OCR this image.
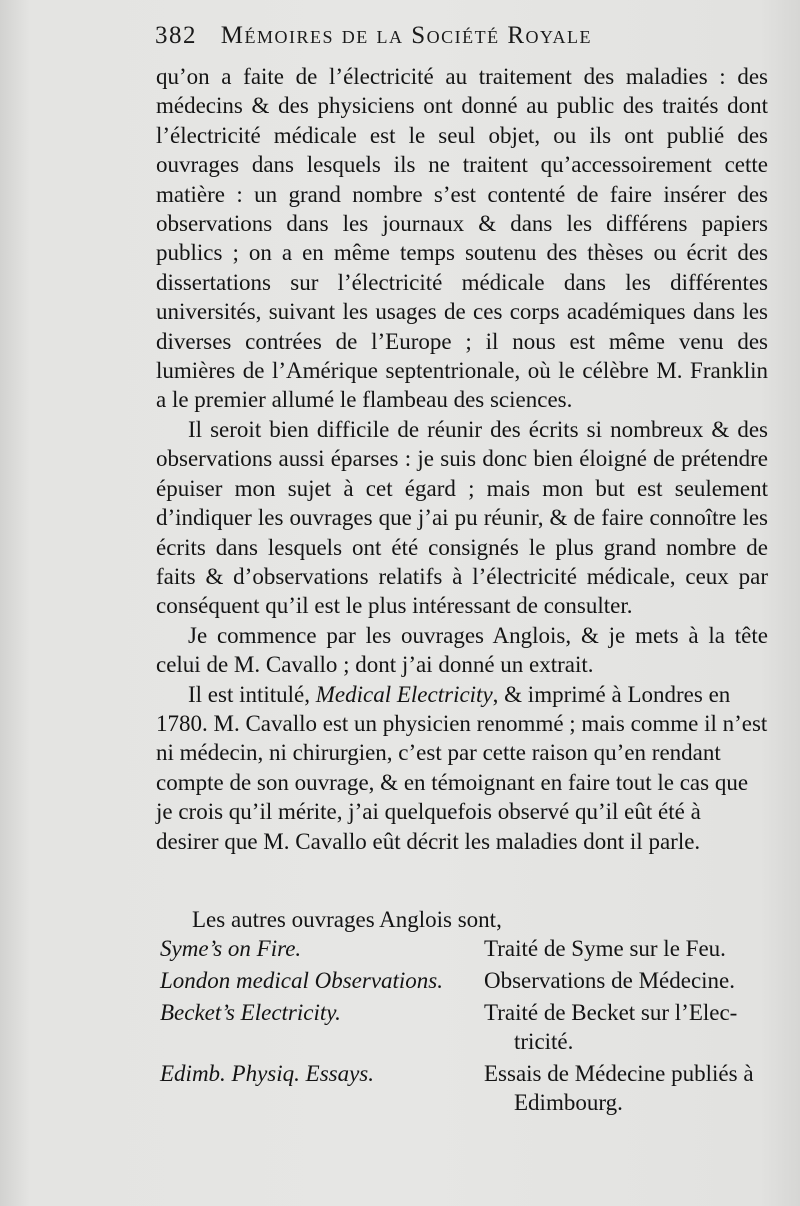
382 Mémoires de la Société Royale

qu’on a faite de l’électricité au traitement des maladies : des médecins & des physiciens ont donné au public des traités dont l’électricité médicale est le seul objet, ou ils ont publié des ouvrages dans lesquels ils ne traitent qu’accessoirement cette matière : un grand nombre s’est contenté de faire insérer des observations dans les journaux & dans les différens papiers publics ; on a en même temps soutenu des thèses ou écrit des dissertations sur l’électricité médicale dans les différentes universités, suivant les usages de ces corps académiques dans les diverses contrées de l’Europe ; il nous est même venu des lumières de l’Amérique septentrionale, où le célèbre M. Franklin a le premier allumé le flambeau des sciences.

Il seroit bien difficile de réunir des écrits si nombreux & des observations aussi éparses : je suis donc bien éloigné de prétendre épuiser mon sujet à cet égard ; mais mon but est seulement d’indiquer les ouvrages que j’ai pu réunir, & de faire connoître les écrits dans lesquels ont été consignés le plus grand nombre de faits & d’observations relatifs à l’électricité médicale, ceux par conséquent qu’il est le plus intéressant de consulter.

Je commence par les ouvrages Anglois, & je mets à la tête celui de M. Cavallo ; dont j’ai donné un extrait.

Il est intitulé, Medical Electricity, & imprimé à Londres en 1780. M. Cavallo est un physicien renommé ; mais comme il n’est ni médecin, ni chirurgien, c’est par cette raison qu’en rendant compte de son ouvrage, & en témoignant en faire tout le cas que je crois qu’il mérite, j’ai quelquefois observé qu’il eût été à desirer que M. Cavallo eût décrit les maladies dont il parle.

Les autres ouvrages Anglois sont,

Syme’s on Fire.	Traité de Syme sur le Feu.
London medical Observations.	Observations de Médecine.
Becket’s Electricity.	Traité de Becket sur l’Elec-
tricité.
Edimb. Physiq. Essays.	Essais de Médecine publiés à
Edimbourg.
